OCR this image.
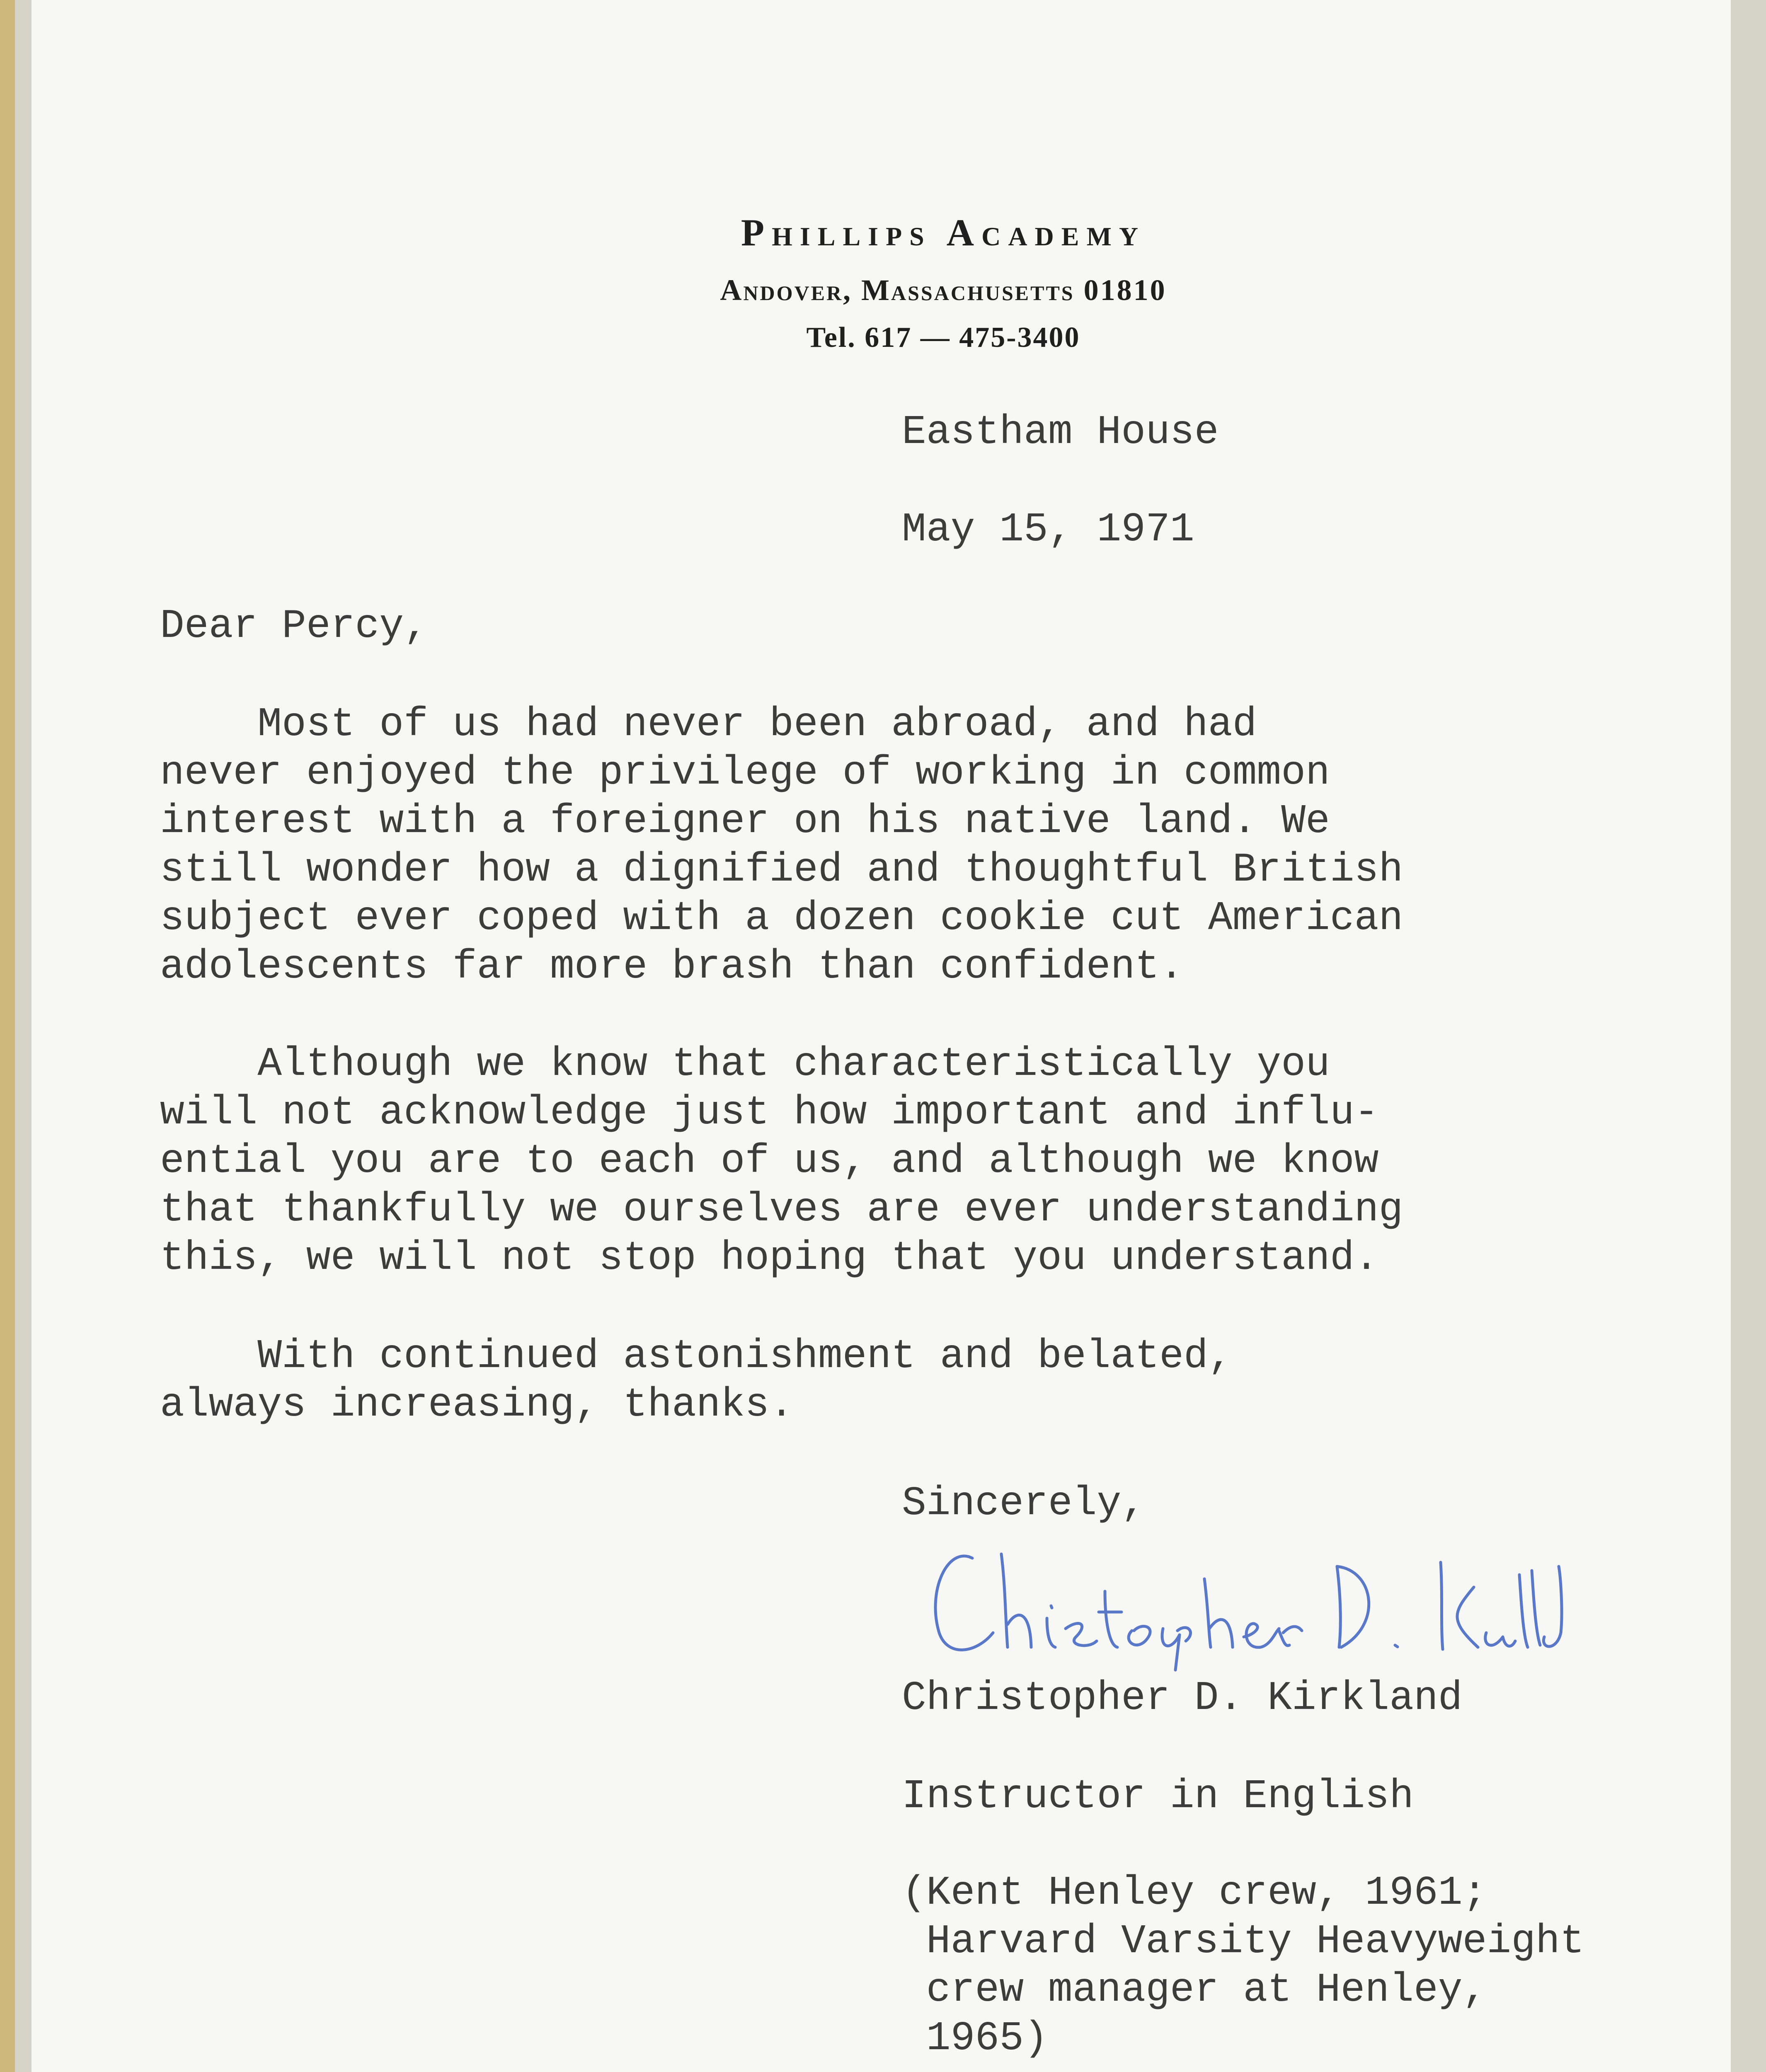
Phillips Academy
Andover, Massachusetts 01810
Tel. 617 — 475-3400
Eastham House
May 15, 1971
Dear Percy,
Most of us had never been abroad, and had
never enjoyed the privilege of working in common
interest with a foreigner on his native land. We
still wonder how a dignified and thoughtful British
subject ever coped with a dozen cookie cut American
adolescents far more brash than confident.
Although we know that characteristically you
will not acknowledge just how important and influ-
ential you are to each of us, and although we know
that thankfully we ourselves are ever understanding
this, we will not stop hoping that you understand.
With continued astonishment and belated,
always increasing, thanks.
Sincerely,
Christopher D. Kirkland
Instructor in English
(Kent Henley crew, 1961;
Harvard Varsity Heavyweight
crew manager at Henley,
1965)
